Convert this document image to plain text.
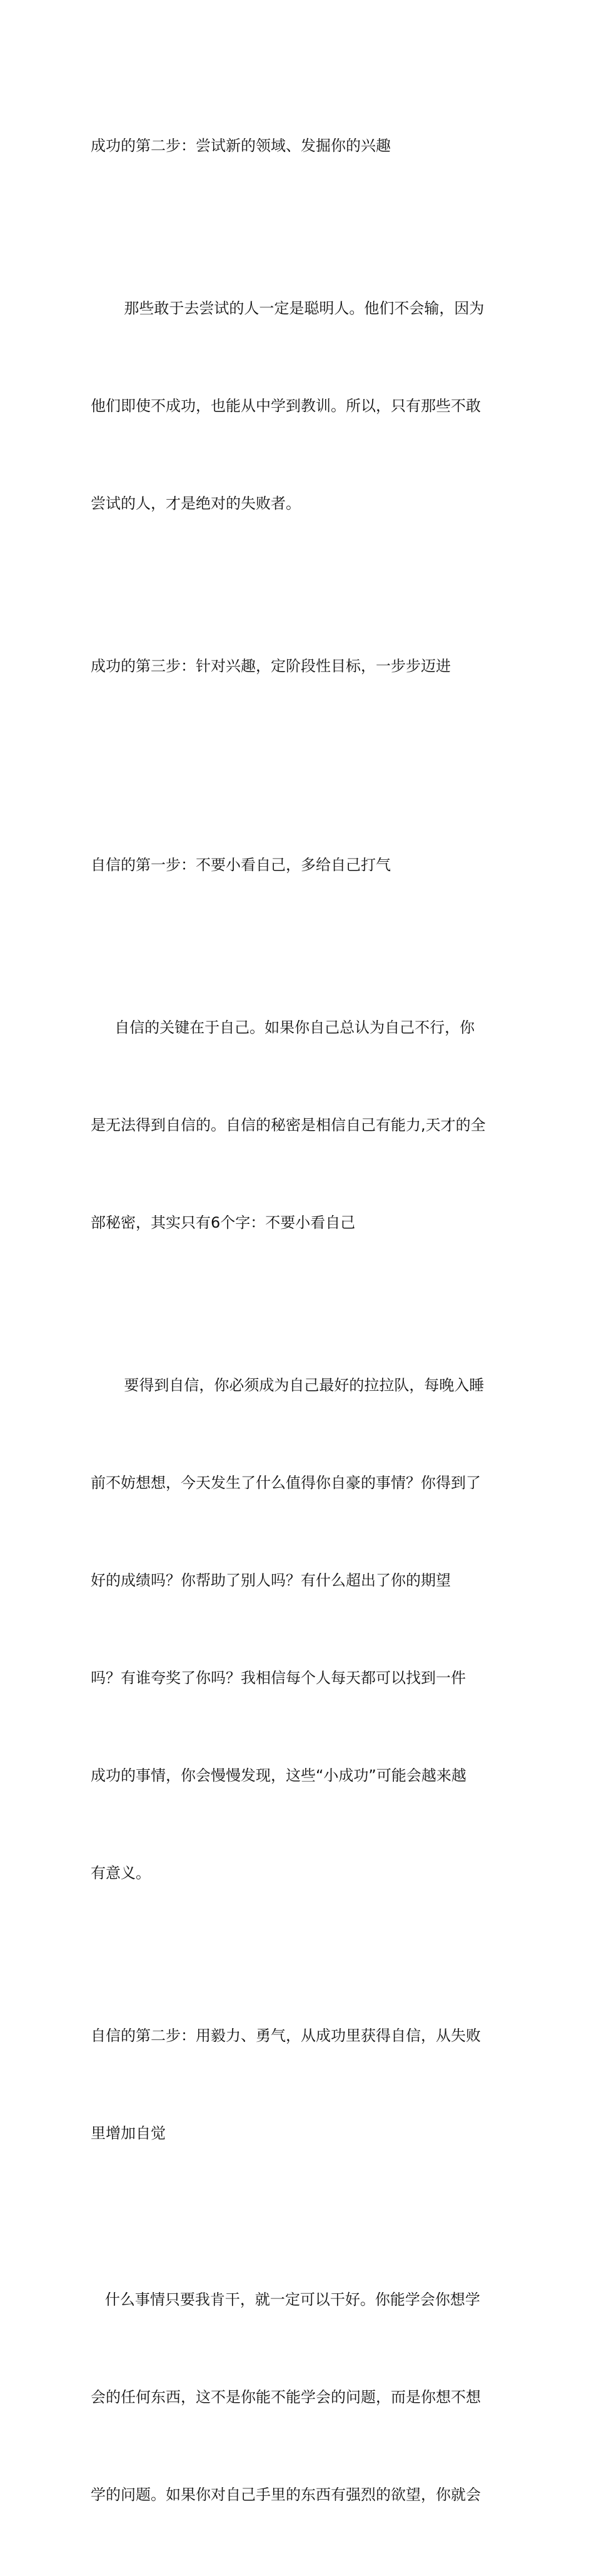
成功的第二步：尝试新的领域、发掘你的兴趣

那些敢于去尝试的人一定是聪明人。他们不会输，因为

他们即使不成功，也能从中学到教训。所以，只有那些不敢

尝试的人，才是绝对的失败者。

成功的第三步：针对兴趣，定阶段性目标，一步步迈进

自信的第一步：不要小看自己，多给自己打气

自信的关键在于自己。如果你自己总认为自己不行，你

是无法得到自信的。自信的秘密是相信自己有能力,天才的全

部秘密，其实只有6个字：不要小看自己

要得到自信，你必须成为自己最好的拉拉队，每晚入睡

前不妨想想，今天发生了什么值得你自豪的事情？你得到了

好的成绩吗？你帮助了别人吗？有什么超出了你的期望

吗？有谁夸奖了你吗？我相信每个人每天都可以找到一件

成功的事情，你会慢慢发现，这些“小成功”可能会越来越

有意义。

自信的第二步：用毅力、勇气，从成功里获得自信，从失败

里增加自觉

什么事情只要我肯干，就一定可以干好。你能学会你想学

会的任何东西，这不是你能不能学会的问题，而是你想不想

学的问题。如果你对自己手里的东西有强烈的欲望，你就会
